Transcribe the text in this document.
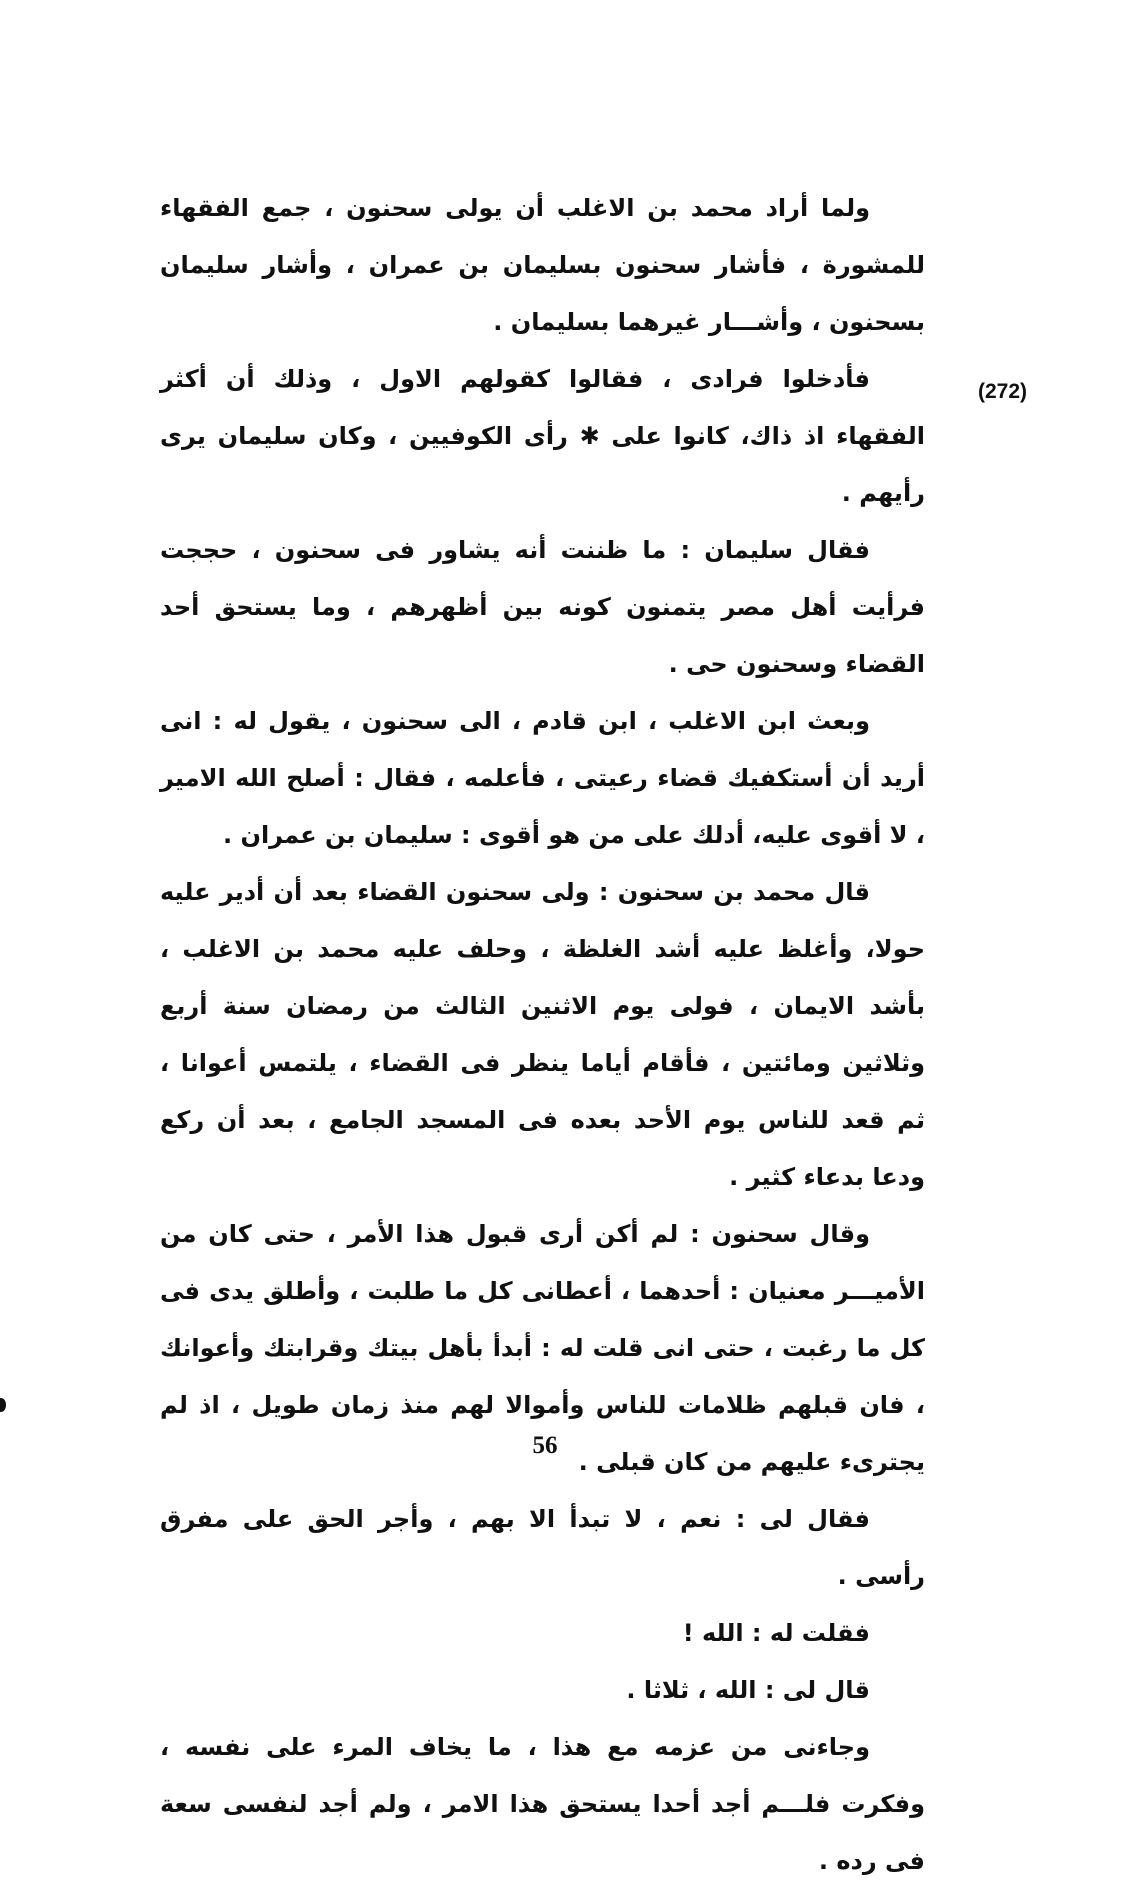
ولما أراد محمد بن الاغلب أن يولى سحنون ، جمع الفقهاء للمشورة ، فأشار سحنون بسليمان بن عمران ، وأشار سليمان بسحنون ، وأشـــار غيرهما بسليمان .

فأدخلوا فرادى ، فقالوا كقولهم الاول ، وذلك أن أكثر الفقهاء اذ ذاك، كانوا على ✱ رأى الكوفيين ، وكان سليمان يرى رأيهم .

فقال سليمان : ما ظننت أنه يشاور فى سحنون ، حججت فرأيت أهل مصر يتمنون كونه بين أظهرهم ، وما يستحق أحد القضاء وسحنون حى .

وبعث ابن الاغلب ، ابن قادم ، الى سحنون ، يقول له : انى أريد أن أستكفيك قضاء رعيتى ، فأعلمه ، فقال : أصلح الله الامير ، لا أقوى عليه، أدلك على من هو أقوى : سليمان بن عمران .

قال محمد بن سحنون : ولى سحنون القضاء بعد أن أدير عليه حولا، وأغلظ عليه أشد الغلظة ، وحلف عليه محمد بن الاغلب ، بأشد الايمان ، فولى يوم الاثنين الثالث من رمضان سنة أربع وثلاثين ومائتين ، فأقام أياما ينظر فى القضاء ، يلتمس أعوانا ، ثم قعد للناس يوم الأحد بعده فى المسجد الجامع ، بعد أن ركع ودعا بدعاء كثير .

وقال سحنون : لم أكن أرى قبول هذا الأمر ، حتى كان من الأميـــر معنيان : أحدهما ، أعطانى كل ما طلبت ، وأطلق يدى فى كل ما رغبت ، حتى انى قلت له : أبدأ بأهل بيتك وقرابتك وأعوانك ، فان قبلهم ظلامات للناس وأموالا لهم منذ زمان طويل ، اذ لم يجترىء عليهم من كان قبلى .

فقال لى : نعم ، لا تبدأ الا بهم ، وأجر الحق على مفرق رأسى .

فقلت له : الله !

قال لى : الله ، ثلاثا .

وجاءنى من عزمه مع هذا ، ما يخاف المرء على نفسه ، وفكرت فلـــم أجد أحدا يستحق هذا الامر ، ولم أجد لنفسى سعة فى رده .

(272)
56
